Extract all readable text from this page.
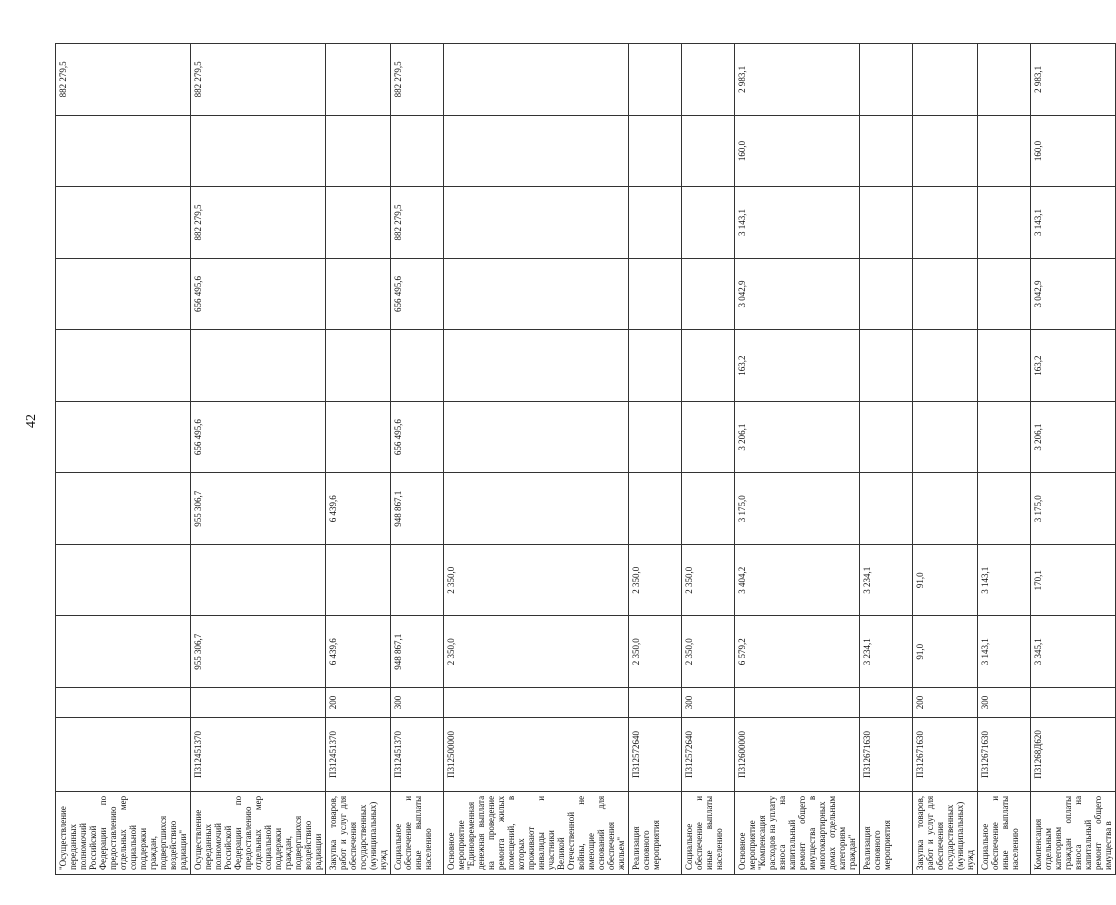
42
"Осуществление переданных полномочий Российской Федерации по предоставлению отдельных мер социальной поддержки граждан, подвергшихся воздействию радиации"											882 279,5
Осуществление переданных полномочий Российской Федерации по предоставлению отдельных мер социальной поддержки граждан, подвергшихся воздействию радиации	П312451370		955 306,7		955 306,7	656 495,6		656 495,6	882 279,5		882 279,5
Закупка товаров, работ и услуг для обеспечения государственных (муниципальных) нужд	П312451370	200	6 439,6		6 439,6						
Социальное обеспечение и иные выплаты населению	П312451370	300	948 867,1		948 867,1	656 495,6		656 495,6	882 279,5		882 279,5
Основное мероприятие "Единовременная денежная выплата на проведение ремонта жилых помещений, в которых проживают инвалиды и участники Великой Отечественной войны, не имеющие оснований для обеспечения жильем"	П312500000		2 350,0	2 350,0							
Реализация основного мероприятия	П312572640		2 350,0	2 350,0							
Социальное обеспечение и иные выплаты населению	П312572640	300	2 350,0	2 350,0							
Основное мероприятие "Компенсация расходов на уплату взноса на капитальный ремонт общего имущества в многоквартирных домах отдельным категориям граждан"	П312600000		6 579,2	3 404,2	3 175,0	3 206,1	163,2	3 042,9	3 143,1	160,0	2 983,1
Реализация основного мероприятия	П312671630		3 234,1	3 234,1							
Закупка товаров, работ и услуг для обеспечения государственных (муниципальных) нужд	П312671630	200	91,0	91,0							
Социальное обеспечение и иные выплаты населению	П312671630	300	3 143,1	3 143,1							
Компенсация отдельным категориям граждан оплаты взноса на капитальный ремонт общего имущества в	П31268Д620		3 345,1	170,1	3 175,0	3 206,1	163,2	3 042,9	3 143,1	160,0	2 983,1
